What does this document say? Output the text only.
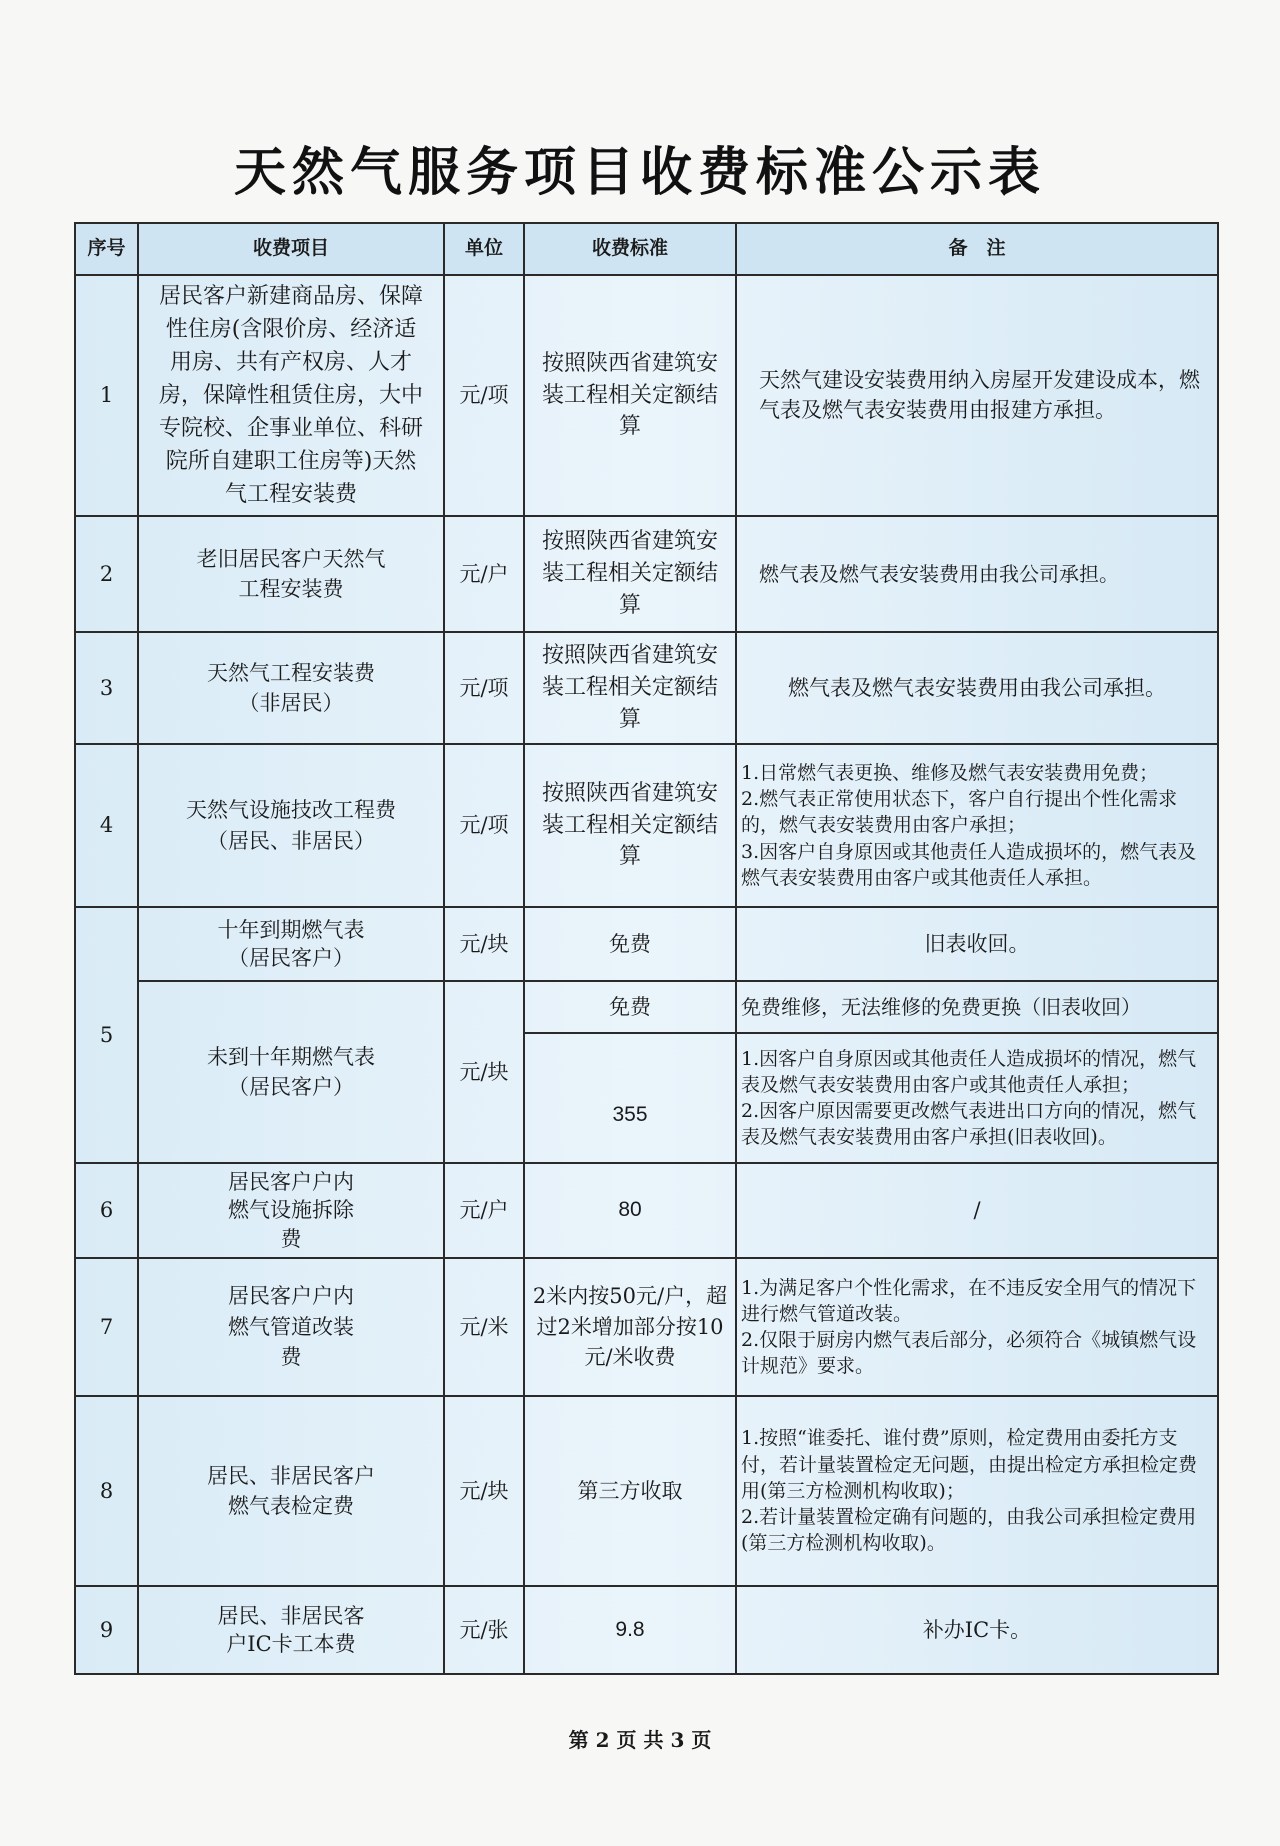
天然气服务项目收费标准公示表
序号	收费项目	单位	收费标准	备　注
1	居民客户新建商品房、保障性住房(含限价房、经济适用房、共有产权房、人才房，保障性租赁住房，大中专院校、企事业单位、科研院所自建职工住房等)天然气工程安装费	元/项	按照陕西省建筑安装工程相关定额结算	天然气建设安装费用纳入房屋开发建设成本，燃气表及燃气表安装费用由报建方承担。
2	老旧居民客户天然气工程安装费	元/户	按照陕西省建筑安装工程相关定额结算	燃气表及燃气表安装费用由我公司承担。
3	天然气工程安装费（非居民）	元/项	按照陕西省建筑安装工程相关定额结算	燃气表及燃气表安装费用由我公司承担。
4	天然气设施技改工程费（居民、非居民）	元/项	按照陕西省建筑安装工程相关定额结算	1.日常燃气表更换、维修及燃气表安装费用免费；
2.燃气表正常使用状态下，客户自行提出个性化需求的，燃气表安装费用由客户承担；
3.因客户自身原因或其他责任人造成损坏的，燃气表及燃气表安装费用由客户或其他责任人承担。

5	十年到期燃气表（居民客户）	元/块	免费	旧表收回。
	未到十年期燃气表（居民客户）	元/块	免费	免费维修，无法维修的免费更换（旧表收回）
			355	1.因客户自身原因或其他责任人造成损坏的情况，燃气表及燃气表安装费用由客户或其他责任人承担；
2.因客户原因需要更改燃气表进出口方向的情况，燃气表及燃气表安装费用由客户承担(旧表收回)。

6	居民客户户内燃气设施拆除费	元/户	80	/
7	居民客户户内燃气管道改装费	元/米	2米内按50元/户，超过2米增加部分按10元/米收费	1.为满足客户个性化需求，在不违反安全用气的情况下进行燃气管道改装。
2.仅限于厨房内燃气表后部分，必须符合《城镇燃气设计规范》要求。

8	居民、非居民客户燃气表检定费	元/块	第三方收取	1.按照“谁委托、谁付费”原则，检定费用由委托方支付，若计量装置检定无问题，由提出检定方承担检定费用(第三方检测机构收取)；
2.若计量装置检定确有问题的，由我公司承担检定费用(第三方检测机构收取)。

9	居民、非居民客户IC卡工本费	元/张	9.8	补办IC卡。
第 2 页 共 3 页
